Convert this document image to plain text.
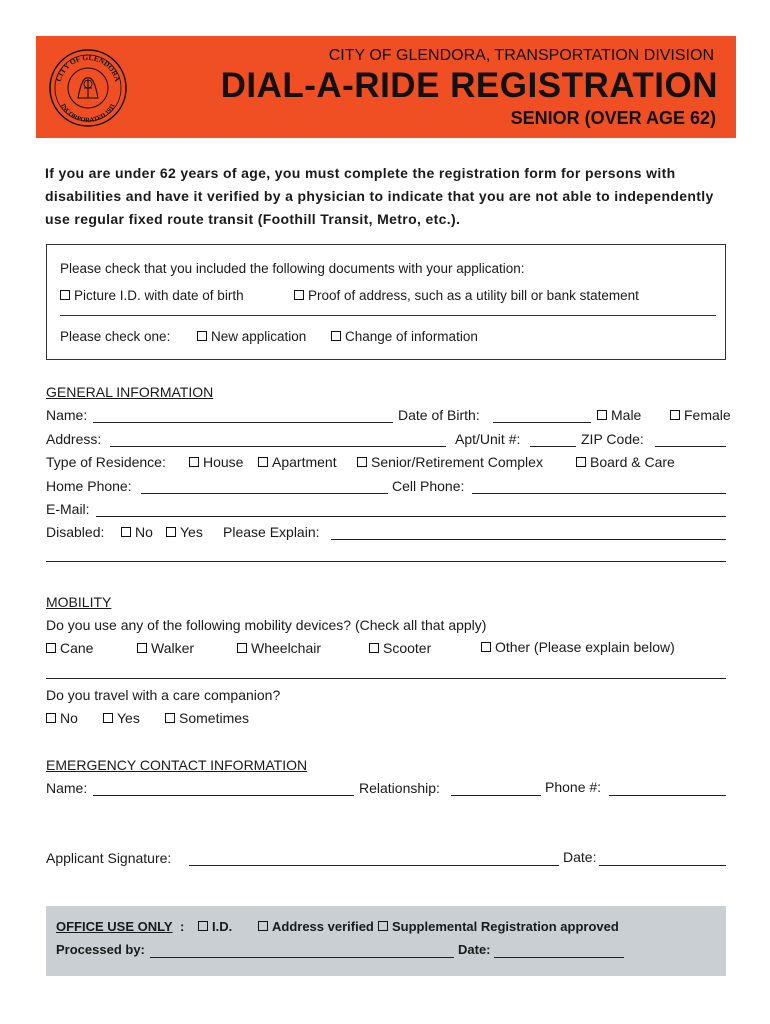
CITY OF GLENDORA
INCORPORATED 1911
CITY OF GLENDORA, TRANSPORTATION DIVISION
DIAL-A-RIDE REGISTRATION
SENIOR (OVER AGE 62)
If you are under 62 years of age, you must complete the registration form for persons with disabilities and have it verified by a physician to indicate that you are not able to independently use regular fixed route transit (Foothill Transit, Metro, etc.).
Please check that you included the following documents with your application:
Picture I.D. with date of birth	Proof of address, such as a utility bill or bank statement
Please check one:	New application	Change of information
GENERAL INFORMATION
Name:	Date of Birth:	Male	Female
Address:	Apt/Unit #:	ZIP Code:
Type of Residence:	House	Apartment	Senior/Retirement Complex	Board & Care
Home Phone:	Cell Phone:
E-Mail:
Disabled:	No	Yes Please Explain:
MOBILITY
Do you use any of the following mobility devices? (Check all that apply)
Cane	Walker	Wheelchair	Scooter	Other (Please explain below)
Do you travel with a care companion?
No	Yes	Sometimes
EMERGENCY CONTACT INFORMATION
Name:	Relationship:	Phone #:
Applicant Signature:	Date:
OFFICE USE ONLY :	I.D.	Address verified	Supplemental Registration approved
Processed by:	Date:
